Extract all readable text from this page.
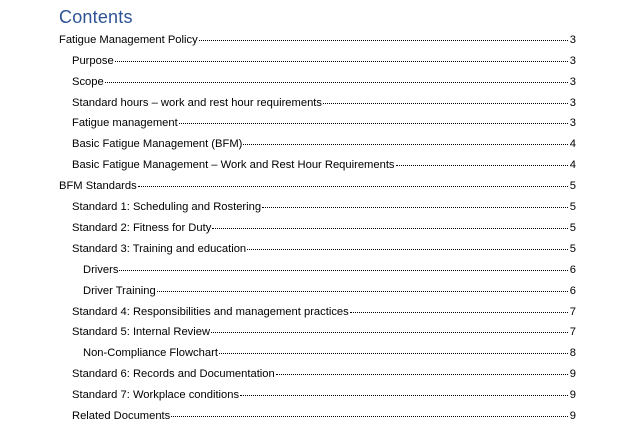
Contents
Fatigue Management Policy	3
Purpose	3
Scope	3
Standard hours – work and rest hour requirements	3
Fatigue management	3
Basic Fatigue Management (BFM)	4
Basic Fatigue Management – Work and Rest Hour Requirements	4
BFM Standards	5
Standard 1: Scheduling and Rostering	5
Standard 2: Fitness for Duty	5
Standard 3: Training and education	5
Drivers	6
Driver Training	6
Standard 4: Responsibilities and management practices	7
Standard 5: Internal Review	7
Non-Compliance Flowchart	8
Standard 6: Records and Documentation	9
Standard 7: Workplace conditions	9
Related Documents	9
